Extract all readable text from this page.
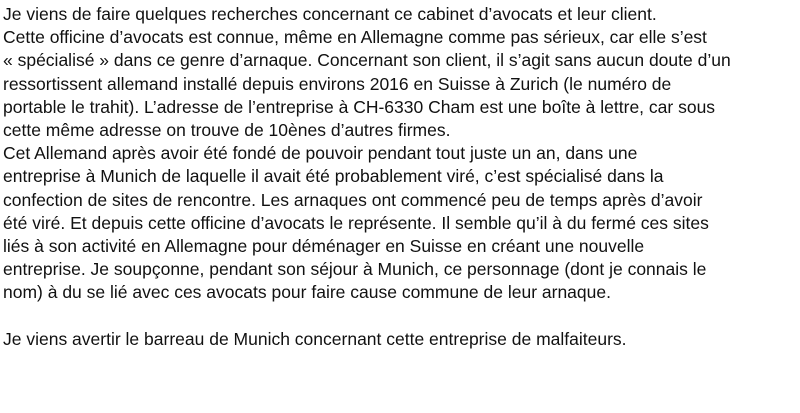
Je viens de faire quelques recherches concernant ce cabinet d’avocats et leur client.
Cette officine d’avocats est connue, même en Allemagne comme pas sérieux, car elle s’est
« spécialisé » dans ce genre d’arnaque. Concernant son client, il s’agit sans aucun doute d’un
ressortissent allemand installé depuis environs 2016 en Suisse à Zurich (le numéro de
portable le trahit). L’adresse de l’entreprise à CH-6330 Cham est une boîte à lettre, car sous
cette même adresse on trouve de 10ènes d’autres firmes.
Cet Allemand après avoir été fondé de pouvoir pendant tout juste un an, dans une
entreprise à Munich de laquelle il avait été probablement viré, c’est spécialisé dans la
confection de sites de rencontre. Les arnaques ont commencé peu de temps après d’avoir
été viré. Et depuis cette officine d’avocats le représente. Il semble qu’il à du fermé ces sites
liés à son activité en Allemagne pour déménager en Suisse en créant une nouvelle
entreprise. Je soupçonne, pendant son séjour à Munich, ce personnage (dont je connais le
nom) à du se lié avec ces avocats pour faire cause commune de leur arnaque.
Je viens avertir le barreau de Munich concernant cette entreprise de malfaiteurs.
